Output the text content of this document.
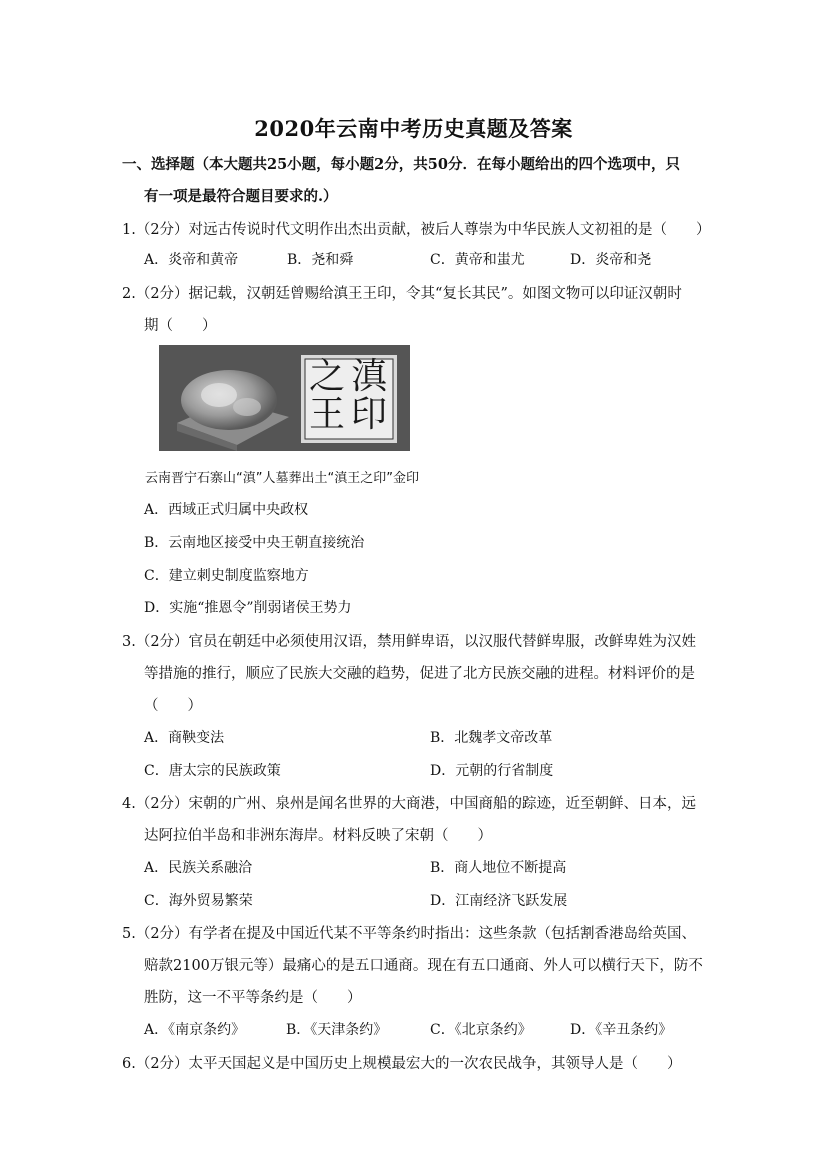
2020年云南中考历史真题及答案
一、选择题（本大题共25小题，每小题2分，共50分．在每小题给出的四个选项中，只
有一项是最符合题目要求的.）
1.（2分）对远古传说时代文明作出杰出贡献，被后人尊崇为中华民族人文初祖的是（　　）
A．炎帝和黄帝	B．尧和舜	C．黄帝和蚩尤	D．炎帝和尧
2.（2分）据记载，汉朝廷曾赐给滇王王印，令其“复长其民”。如图文物可以印证汉朝时
期（　　）
王
之 滇
印
云南晋宁石寨山“滇”人墓葬出土“滇王之印”金印
A．西域正式归属中央政权
B．云南地区接受中央王朝直接统治
C．建立刺史制度监察地方
D．实施“推恩令”削弱诸侯王势力
3.（2分）官员在朝廷中必须使用汉语，禁用鲜卑语，以汉服代替鲜卑服，改鲜卑姓为汉姓
等措施的推行，顺应了民族大交融的趋势，促进了北方民族交融的进程。材料评价的是
（　　）
A．商鞅变法	B．北魏孝文帝改革
C．唐太宗的民族政策	D．元朝的行省制度
4.（2分）宋朝的广州、泉州是闻名世界的大商港，中国商船的踪迹，近至朝鲜、日本，远
达阿拉伯半岛和非洲东海岸。材料反映了宋朝（　　）
A．民族关系融洽	B．商人地位不断提高
C．海外贸易繁荣	D．江南经济飞跃发展
5.（2分）有学者在提及中国近代某不平等条约时指出：这些条款（包括割香港岛给英国、
赔款2100万银元等）最痛心的是五口通商。现在有五口通商、外人可以横行天下，防不
胜防，这一不平等条约是（　　）
A．《南京条约》	B．《天津条约》	C．《北京条约》	D．《辛丑条约》
6.（2分）太平天国起义是中国历史上规模最宏大的一次农民战争，其领导人是（　　）
